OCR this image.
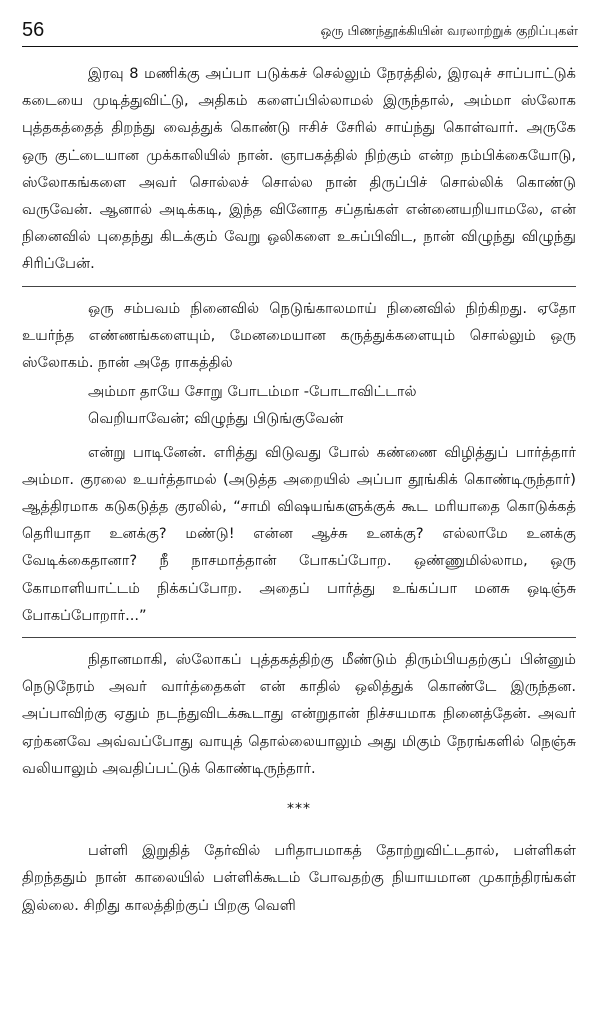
56	ஒரு பிணந்தூக்கியின் வரலாற்றுக் குறிப்புகள்

இரவு 8 மணிக்கு அப்பா படுக்கச் செல்லும் நேரத்தில், இரவுச் சாப்பாட்டுக் கடையை முடித்துவிட்டு, அதிகம் களைப்பில்லாமல் இருந்தால், அம்மா ஸ்லோக புத்தகத்தைத் திறந்து வைத்துக் கொண்டு ஈசிச் சேரில் சாய்ந்து கொள்வார். அருகே ஒரு குட்டையான முக்காலியில் நான். ஞாபகத்தில் நிற்கும் என்ற நம்பிக்கையோடு, ஸ்லோகங்களை அவர் சொல்லச் சொல்ல நான் திருப்பிச் சொல்லிக் கொண்டு வருவேன். ஆனால் அடிக்கடி, இந்த வினோத சப்தங்கள் என்னையறியாமலே, என் நினைவில் புதைந்து கிடக்கும் வேறு ஒலிகளை உசுப்பிவிட, நான் விழுந்து விழுந்து சிரிப்பேன்.

ஒரு சம்பவம் நினைவில் நெடுங்காலமாய் நினைவில் நிற்கிறது. ஏதோ உயர்ந்த எண்ணங்களையும், மேனமையான கருத்துக்களையும் சொல்லும் ஒரு ஸ்லோகம். நான் அதே ராகத்தில்

அம்மா தாயே சோறு போடம்மா -போடாவிட்டால்
வெறியாவேன்; விழுந்து பிடுங்குவேன்

என்று பாடினேன். எரித்து விடுவது போல் கண்ணை விழித்துப் பார்த்தார் அம்மா. குரலை உயர்த்தாமல் (அடுத்த அறையில் அப்பா தூங்கிக் கொண்டிருந்தார்) ஆத்திரமாக கடுகடுத்த குரலில், “சாமி விஷயங்களுக்குக் கூட மரியாதை கொடுக்கத் தெரியாதா உனக்கு? மண்டு! என்ன ஆச்சு உனக்கு? எல்லாமே உனக்கு வேடிக்கைதானா? நீ நாசமாத்தான் போகப்போற. ஒண்ணுமில்லாம, ஒரு கோமாளியாட்டம் நிக்கப்போற. அதைப் பார்த்து உங்கப்பா மனசு ஒடிஞ்சு போகப்போறார்...”

நிதானமாகி, ஸ்லோகப் புத்தகத்திற்கு மீண்டும் திரும்பியதற்குப் பின்னும் நெடுநேரம் அவர் வார்த்தைகள் என் காதில் ஒலித்துக் கொண்டே இருந்தன. அப்பாவிற்கு ஏதும் நடந்துவிடக்கூடாது என்றுதான் நிச்சயமாக நினைத்தேன். அவர் ஏற்கனவே அவ்வப்போது வாயுத் தொல்லையாலும் அது மிகும் நேரங்களில் நெஞ்சு வலியாலும் அவதிப்பட்டுக் கொண்டிருந்தார்.

***

பள்ளி இறுதித் தேர்வில் பரிதாபமாகத் தோற்றுவிட்டதால், பள்ளிகள் திறந்ததும் நான் காலையில் பள்ளிக்கூடம் போவதற்கு நியாயமான முகாந்திரங்கள் இல்லை. சிறிது காலத்திற்குப் பிறகு வெளி
